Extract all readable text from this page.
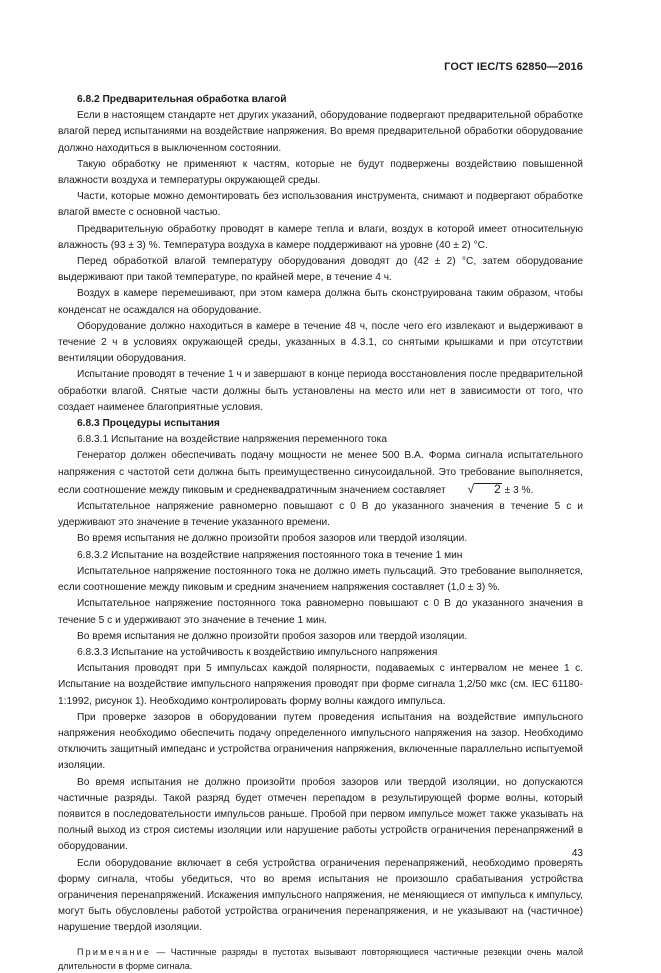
ГОСТ IEC/TS 62850—2016

6.8.2 Предварительная обработка влагой

Если в настоящем стандарте нет других указаний, оборудование подвергают предварительной обработке влагой перед испытаниями на воздействие напряжения. Во время предварительной обработки оборудование должно находиться в выключенном состоянии.

Такую обработку не применяют к частям, которые не будут подвержены воздействию повышенной влажности воздуха и температуры окружающей среды.

Части, которые можно демонтировать без использования инструмента, снимают и подвергают обработке влагой вместе с основной частью.

Предварительную обработку проводят в камере тепла и влаги, воздух в которой имеет относительную влажность (93 ± 3) %. Температура воздуха в камере поддерживают на уровне (40 ± 2) °C.

Перед обработкой влагой температуру оборудования доводят до (42 ± 2) °C, затем оборудование выдерживают при такой температуре, по крайней мере, в течение 4 ч.

Воздух в камере перемешивают, при этом камера должна быть сконструирована таким образом, чтобы конденсат не осаждался на оборудование.

Оборудование должно находиться в камере в течение 48 ч, после чего его извлекают и выдерживают в течение 2 ч в условиях окружающей среды, указанных в 4.3.1, со снятыми крышками и при отсутствии вентиляции оборудования.

Испытание проводят в течение 1 ч и завершают в конце периода восстановления после предварительной обработки влагой. Снятые части должны быть установлены на место или нет в зависимости от того, что создает наименее благоприятные условия.

6.8.3 Процедуры испытания

6.8.3.1 Испытание на воздействие напряжения переменного тока

Генератор должен обеспечивать подачу мощности не менее 500 В.А. Форма сигнала испытательного напряжения с частотой сети должна быть преимущественно синусоидальной. Это требование выполняется, если соотношение между пиковым и среднеквадратичным значением составляет √ 2 ± 3 %.

Испытательное напряжение равномерно повышают с 0 В до указанного значения в течение 5 с и удерживают это значение в течение указанного времени.

Во время испытания не должно произойти пробоя зазоров или твердой изоляции.

6.8.3.2 Испытание на воздействие напряжения постоянного тока в течение 1 мин

Испытательное напряжение постоянного тока не должно иметь пульсаций. Это требование выполняется, если соотношение между пиковым и средним значением напряжения составляет (1,0 ± 3) %.

Испытательное напряжение постоянного тока равномерно повышают с 0 В до указанного значения в течение 5 с и удерживают это значение в течение 1 мин.

Во время испытания не должно произойти пробоя зазоров или твердой изоляции.

6.8.3.3 Испытание на устойчивость к воздействию импульсного напряжения

Испытания проводят при 5 импульсах каждой полярности, подаваемых с интервалом не менее 1 с. Испытание на воздействие импульсного напряжения проводят при форме сигнала 1,2/50 мкс (см. IEC 61180-1:1992, рисунок 1). Необходимо контролировать форму волны каждого импульса.

При проверке зазоров в оборудовании путем проведения испытания на воздействие импульсного напряжения необходимо обеспечить подачу определенного импульсного напряжения на зазор. Необходимо отключить защитный импеданс и устройства ограничения напряжения, включенные параллельно испытуемой изоляции.

Во время испытания не должно произойти пробоя зазоров или твердой изоляции, но допускаются частичные разряды. Такой разряд будет отмечен перепадом в результирующей форме волны, который появится в последовательности импульсов раньше. Пробой при первом импульсе может также указывать на полный выход из строя системы изоляции или нарушение работы устройств ограничения перенапряжений в оборудовании.

Если оборудование включает в себя устройства ограничения перенапряжений, необходимо проверять форму сигнала, чтобы убедиться, что во время испытания не произошло срабатывания устройства ограничения перенапряжений. Искажения импульсного напряжения, не меняющиеся от импульса к импульсу, могут быть обусловлены работой устройства ограничения перенапряжения, и не указывают на (частичное) нарушение твердой изоляции.

Примечание — Частичные разряды в пустотах вызывают повторяющиеся частичные резекции очень малой длительности в форме сигнала.

43
